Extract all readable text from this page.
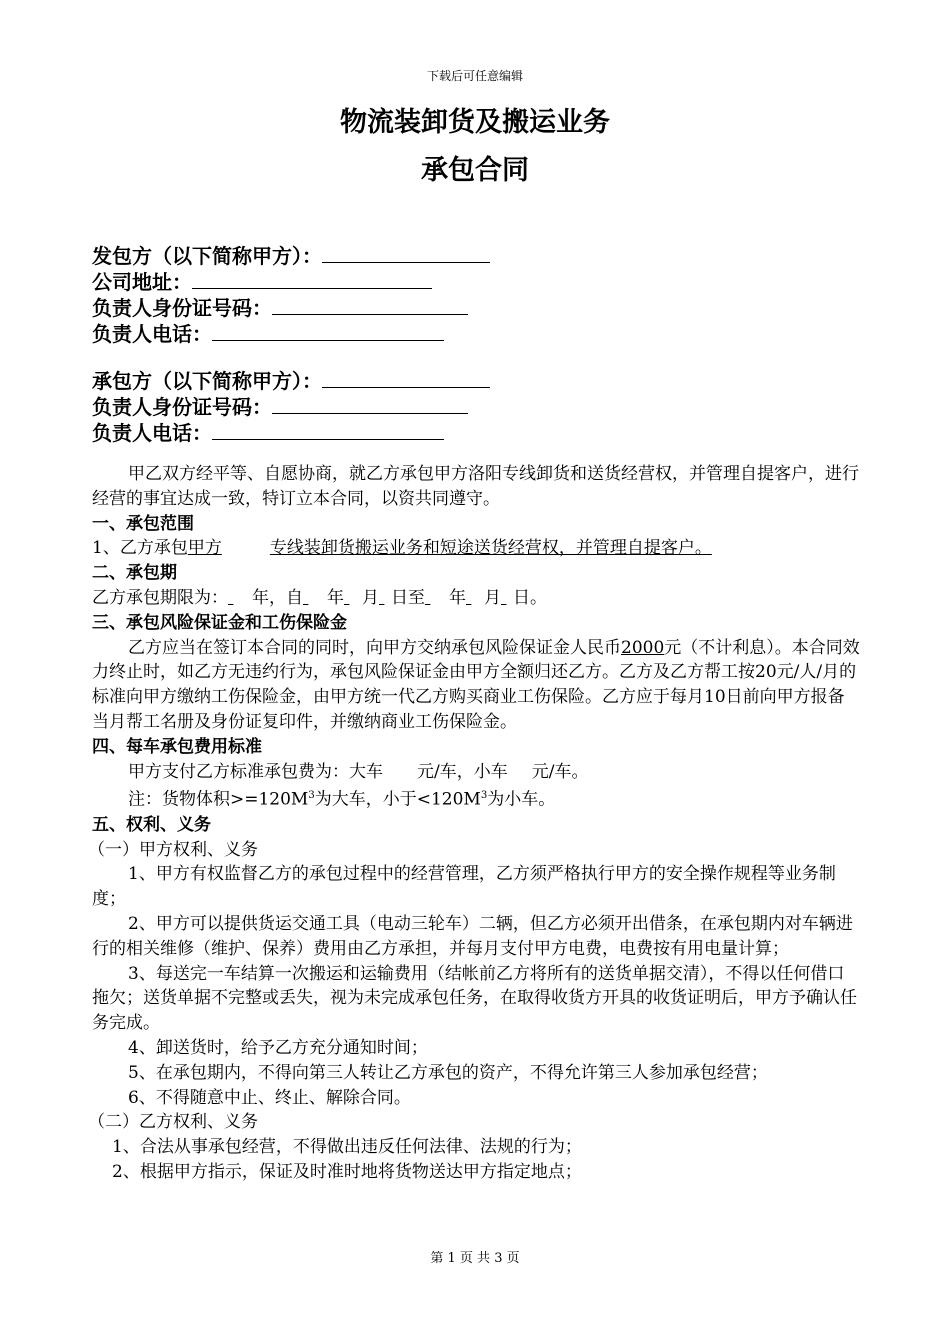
下载后可任意编辑
物流装卸货及搬运业务
承包合同
发包方（以下简称甲方）：
公司地址：
负责人身份证号码：
负责人电话：
承包方（以下简称甲方）：
负责人身份证号码：
负责人电话：

甲乙双方经平等、自愿协商，就乙方承包甲方洛阳专线卸货和送货经营权，并管理自提客户，进行经营的事宜达成一致，特订立本合同，以资共同遵守。

一、承包范围

1、乙方承包甲方	专线装卸货搬运业务和短途送货经营权，并管理自提客户。

二、承包期

乙方承包期限为： 年，自 年 月 日至 年 月 日。

三、承包风险保证金和工伤保险金

乙方应当在签订本合同的同时，向甲方交纳承包风险保证金人民币2000元（不计利息）。本合同效力终止时，如乙方无违约行为，承包风险保证金由甲方全额归还乙方。乙方及乙方帮工按20元/人/月的标准向甲方缴纳工伤保险金，由甲方统一代乙方购买商业工伤保险。乙方应于每月10日前向甲方报备当月帮工名册及身份证复印件，并缴纳商业工伤保险金。

四、每车承包费用标准

甲方支付乙方标准承包费为：大车 元/车，小车 元/车。

注：货物体积$>=120M^3$为大车，小于$<120M^3$为小车。

五、权利、义务

（一）甲方权利、义务

1、甲方有权监督乙方的承包过程中的经营管理，乙方须严格执行甲方的安全操作规程等业务制度；

2、甲方可以提供货运交通工具（电动三轮车）二辆，但乙方必须开出借条，在承包期内对车辆进行的相关维修（维护、保养）费用由乙方承担，并每月支付甲方电费，电费按有用电量计算；

3、每送完一车结算一次搬运和运输费用（结帐前乙方将所有的送货单据交清），不得以任何借口拖欠；送货单据不完整或丢失，视为未完成承包任务，在取得收货方开具的收货证明后，甲方予确认任务完成。

4、卸送货时，给予乙方充分通知时间；

5、在承包期内，不得向第三人转让乙方承包的资产，不得允许第三人参加承包经营；

6、不得随意中止、终止、解除合同。

（二）乙方权利、义务

1、合法从事承包经营，不得做出违反任何法律、法规的行为；

2、根据甲方指示，保证及时准时地将货物送达甲方指定地点；

第 1 页 共 3 页
